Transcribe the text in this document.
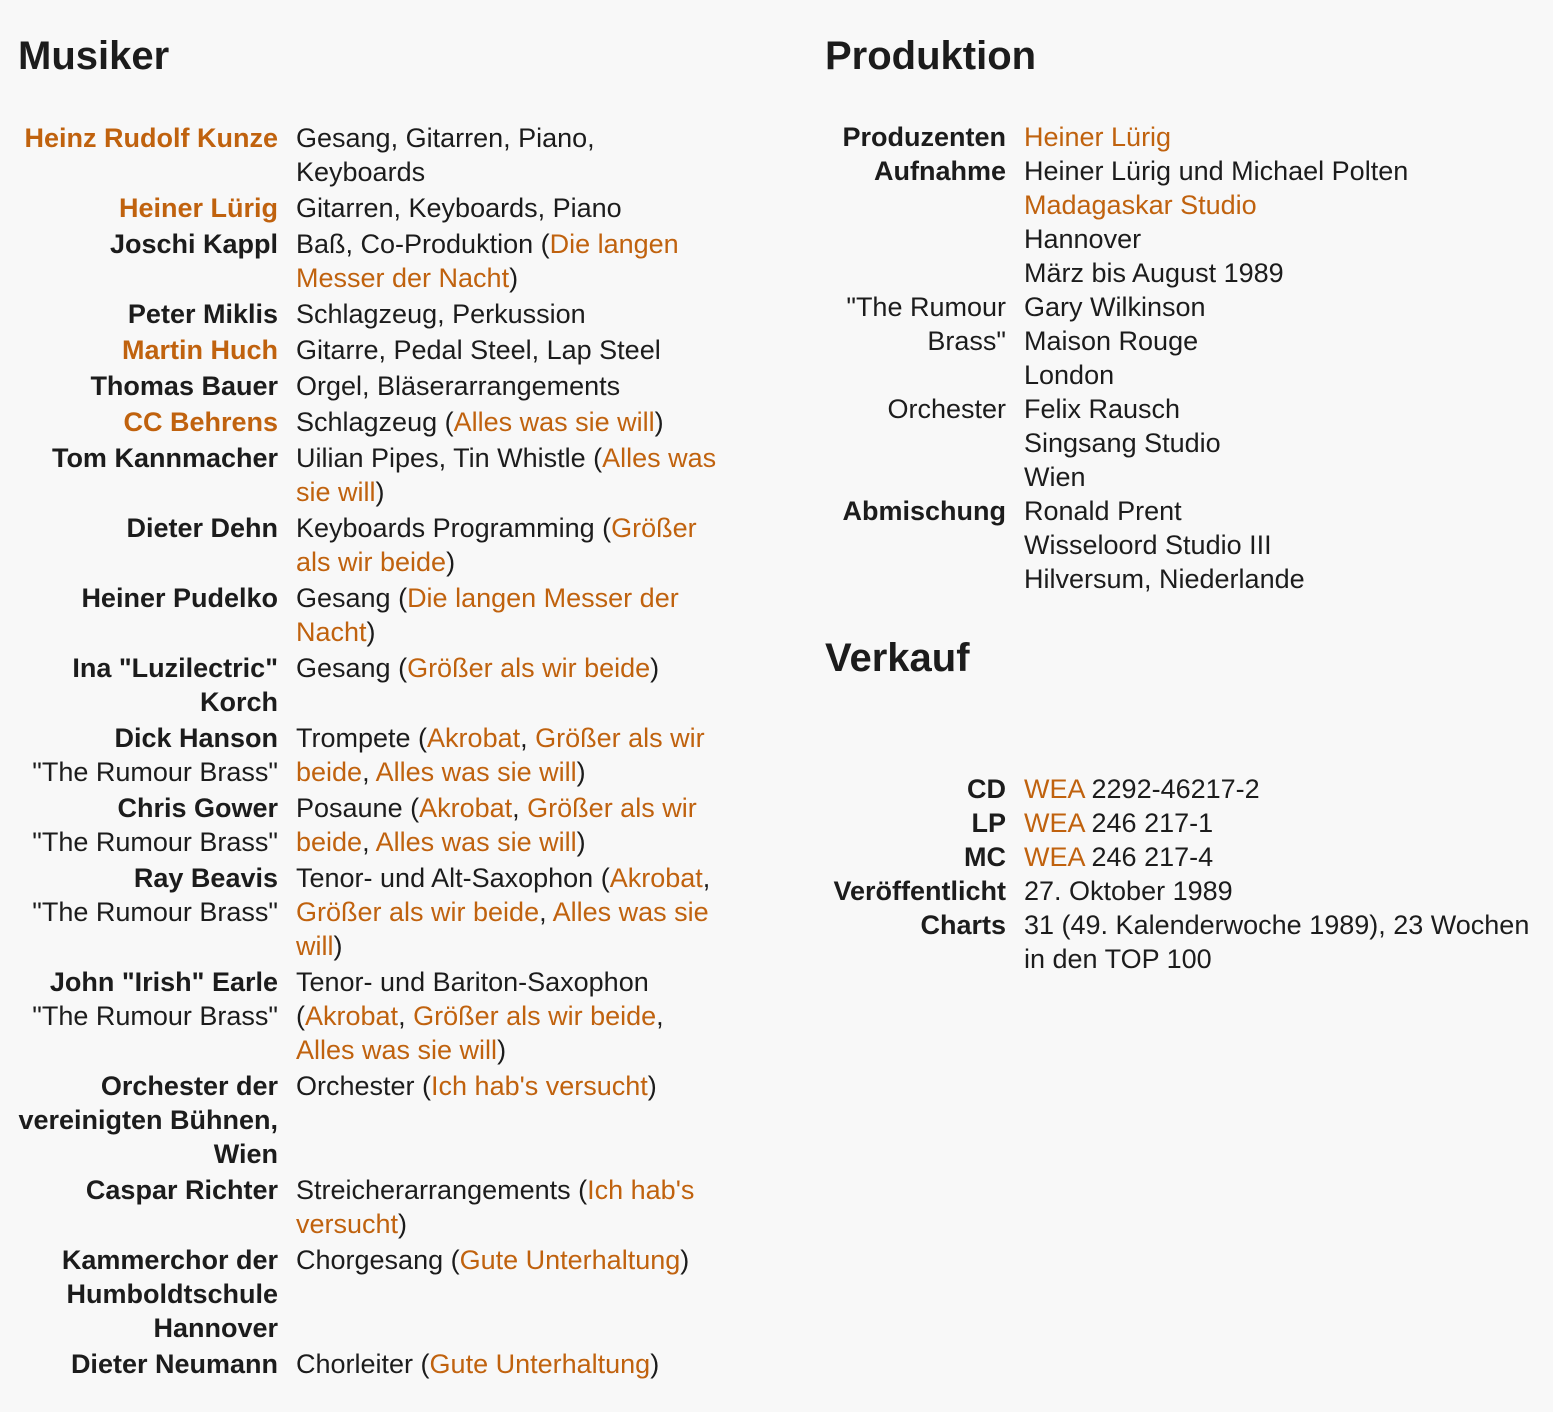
Musiker	Produktion
Verkauf
Heinz Rudolf Kunze Gesang, Gitarren, Piano, Keyboards
Heiner Lürig Gitarren, Keyboards, Piano
Joschi Kappl Baß, Co-Produktion (Die langen Messer der Nacht)
Peter Miklis Schlagzeug, Perkussion
Martin Huch Gitarre, Pedal Steel, Lap Steel
Thomas Bauer Orgel, Bläserarrangements
CC Behrens Schlagzeug (Alles was sie will)
Tom Kannmacher Uilian Pipes, Tin Whistle (Alles was sie will)
Dieter Dehn Keyboards Programming (Größer als wir beide)
Heiner Pudelko Gesang (Die langen Messer der Nacht)
Ina "Luzilectric" Korch
Gesang (Größer als wir beide)
Dick Hanson
"The Rumour Brass"
Trompete (Akrobat, Größer als wir beide, Alles was sie will)
Chris Gower
"The Rumour Brass"
Posaune (Akrobat, Größer als wir beide, Alles was sie will)
Ray Beavis
"The Rumour Brass"
Tenor- und Alt-Saxophon (Akrobat, Größer als wir beide, Alles was sie will)
John "Irish" Earle
"The Rumour Brass"
Tenor- und Bariton-Saxophon (Akrobat, Größer als wir beide, Alles was sie will)
Orchester der vereinigten Bühnen, Wien
Orchester (Ich hab's versucht)
Caspar Richter Streicherarrangements (Ich hab's versucht)
Kammerchor der Humboldtschule Hannover
Chorgesang (Gute Unterhaltung)
Dieter Neumann Chorleiter (Gute Unterhaltung)
Produzenten Heiner Lürig
Aufnahme Heiner Lürig und Michael Polten
Madagaskar Studio
Hannover
März bis August 1989
"The Rumour Brass"
Gary Wilkinson
Maison Rouge
London
Orchester Felix Rausch
Singsang Studio
Wien
Abmischung Ronald Prent
Wisseloord Studio III
Hilversum, Niederlande
CD WEA 2292-46217-2
LP WEA 246 217-1
MC WEA 246 217-4
Veröffentlicht 27. Oktober 1989
Charts 31 (49. Kalenderwoche 1989), 23 Wochen in den TOP 100
